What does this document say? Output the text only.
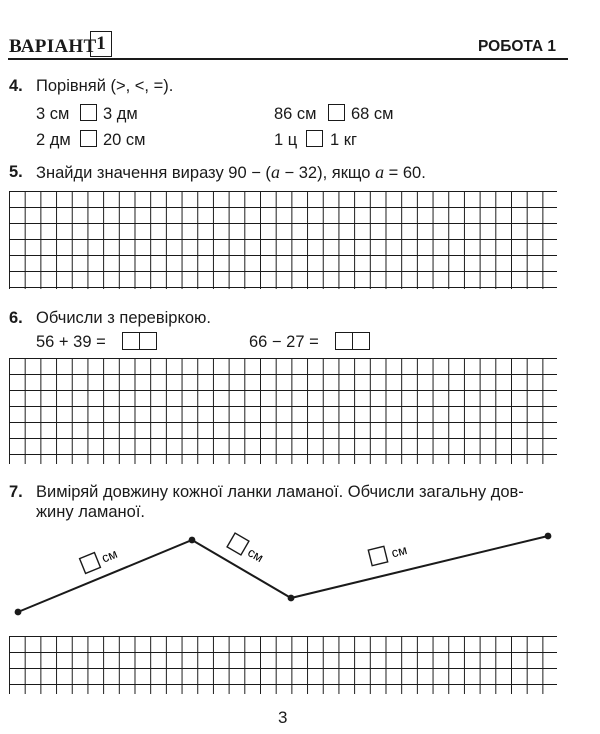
ВАРІАНТ 1	РОБОТА 1
4. Порівняй (>, <, =).
3 см 3 дм	86 см 68 см
2 дм 20 см	1 ц 1 кг
5. Знайди значення виразу 90 − (a − 32), якщо a = 60.
6. Обчисли з перевіркою.
56 + 39 =	66 − 27 =
7. Виміряй довжину кожної ланки ламаної. Обчисли загальну дов-
жину ламаної.
см	см	см
3
